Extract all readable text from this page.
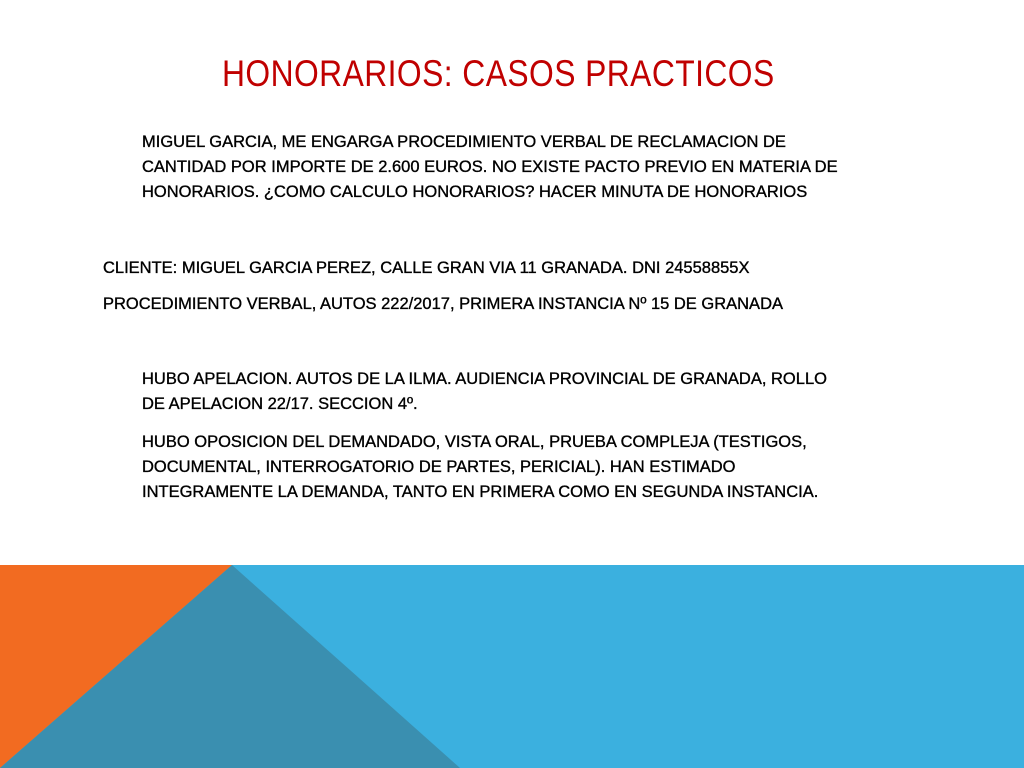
HONORARIOS: CASOS PRACTICOS

MIGUEL GARCIA, ME ENGARGA PROCEDIMIENTO VERBAL DE RECLAMACION DE
CANTIDAD POR IMPORTE DE 2.600 EUROS. NO EXISTE PACTO PREVIO EN MATERIA DE
HONORARIOS. ¿COMO CALCULO HONORARIOS? HACER MINUTA DE HONORARIOS

CLIENTE: MIGUEL GARCIA PEREZ, CALLE GRAN VIA 11 GRANADA. DNI 24558855X

PROCEDIMIENTO VERBAL, AUTOS 222/2017, PRIMERA INSTANCIA Nº 15 DE GRANADA

HUBO APELACION. AUTOS DE LA ILMA. AUDIENCIA PROVINCIAL DE GRANADA, ROLLO
DE APELACION 22/17. SECCION 4º.

HUBO OPOSICION DEL DEMANDADO, VISTA ORAL, PRUEBA COMPLEJA (TESTIGOS,
DOCUMENTAL, INTERROGATORIO DE PARTES, PERICIAL). HAN ESTIMADO
INTEGRAMENTE LA DEMANDA, TANTO EN PRIMERA COMO EN SEGUNDA INSTANCIA.
